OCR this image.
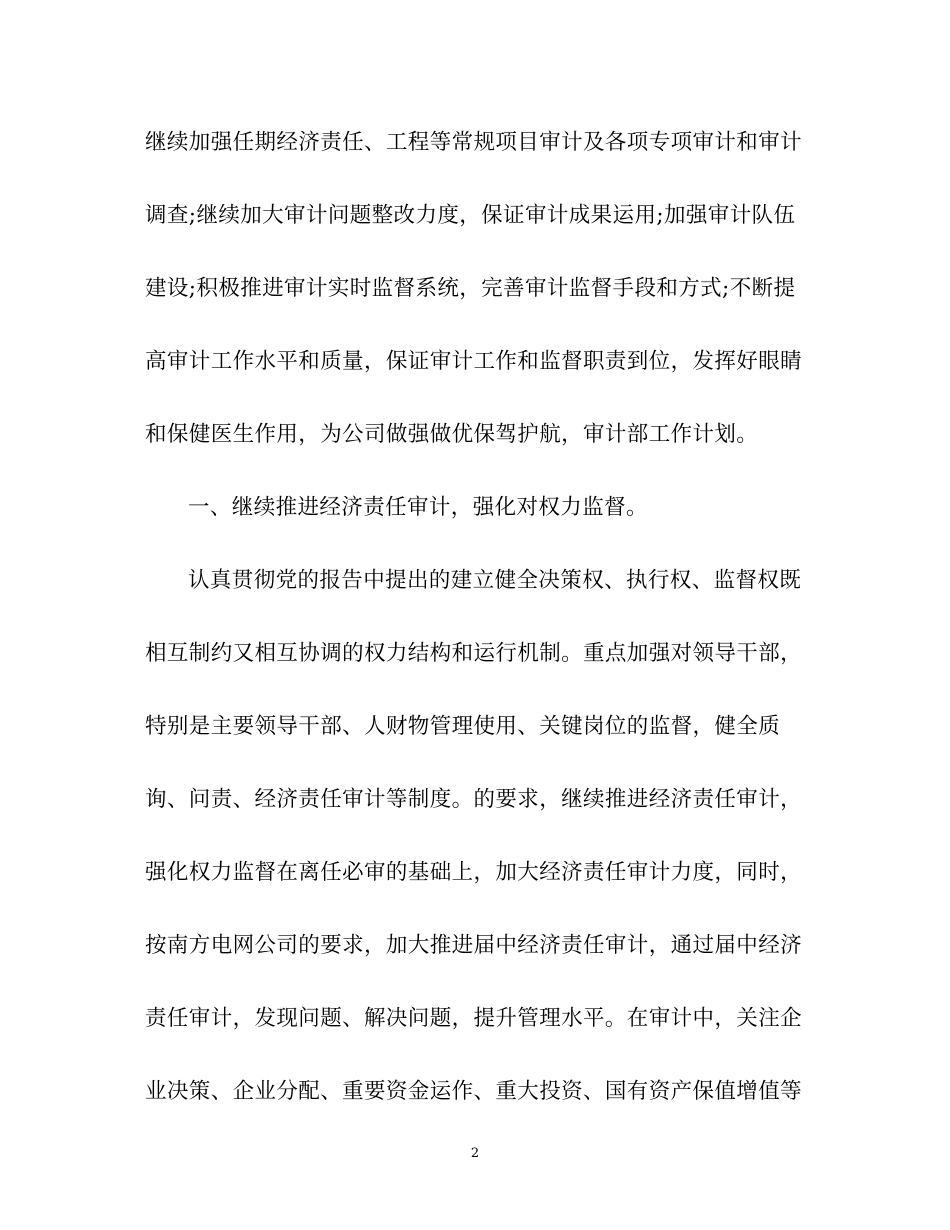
继续加强任期经济责任、工程等常规项目审计及各项专项审计和审计
调查;继续加大审计问题整改力度，保证审计成果运用;加强审计队伍
建设;积极推进审计实时监督系统，完善审计监督手段和方式;不断提
高审计工作水平和质量，保证审计工作和监督职责到位，发挥好眼睛
和保健医生作用，为公司做强做优保驾护航，审计部工作计划。
一、继续推进经济责任审计，强化对权力监督。
认真贯彻党的报告中提出的建立健全决策权、执行权、监督权既
相互制约又相互协调的权力结构和运行机制。重点加强对领导干部，
特别是主要领导干部、人财物管理使用、关键岗位的监督，健全质
询、问责、经济责任审计等制度。的要求，继续推进经济责任审计，
强化权力监督在离任必审的基础上，加大经济责任审计力度，同时，
按南方电网公司的要求，加大推进届中经济责任审计，通过届中经济
责任审计，发现问题、解决问题，提升管理水平。在审计中，关注企
业决策、企业分配、重要资金运作、重大投资、国有资产保值增值等
2
